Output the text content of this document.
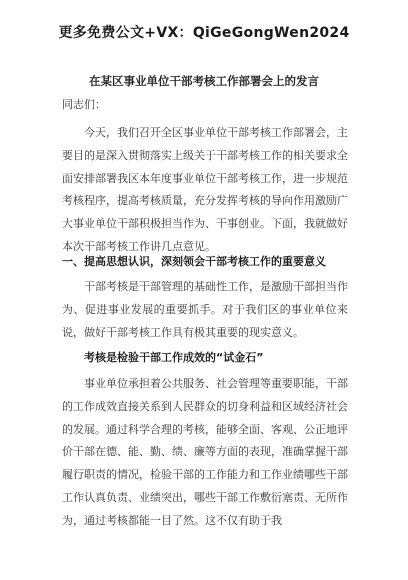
更多免费公文+VX：QiGeGongWen2024
在某区事业单位干部考核工作部署会上的发言

同志们：

今天，我们召开全区事业单位干部考核工作部署会，主要目的是深入贯彻落实上级关于干部考核工作的相关要求全面安排部署我区本年度事业单位干部考核工作，进一步规范考核程序，提高考核质量，充分发挥考核的导向作用激励广大事业单位干部积极担当作为、干事创业。下面，我就做好本次干部考核工作讲几点意见。

一、提高思想认识，深刻领会干部考核工作的重要意义

干部考核是干部管理的基础性工作，是激励干部担当作为、促进事业发展的重要抓手。对于我们区的事业单位来说，做好干部考核工作具有极其重要的现实意义。

考核是检验干部工作成效的“试金石”

事业单位承担着公共服务、社会管理等重要职能，干部的工作成效直接关系到人民群众的切身利益和区域经济社会的发展。通过科学合理的考核，能够全面、客观、公正地评价干部在德、能、勤、绩、廉等方面的表现，准确掌握干部履行职责的情况，检验干部的工作能力和工作业绩哪些干部工作认真负责、业绩突出，哪些干部工作敷衍塞责、无所作为，通过考核都能一目了然。这不仅有助于我
